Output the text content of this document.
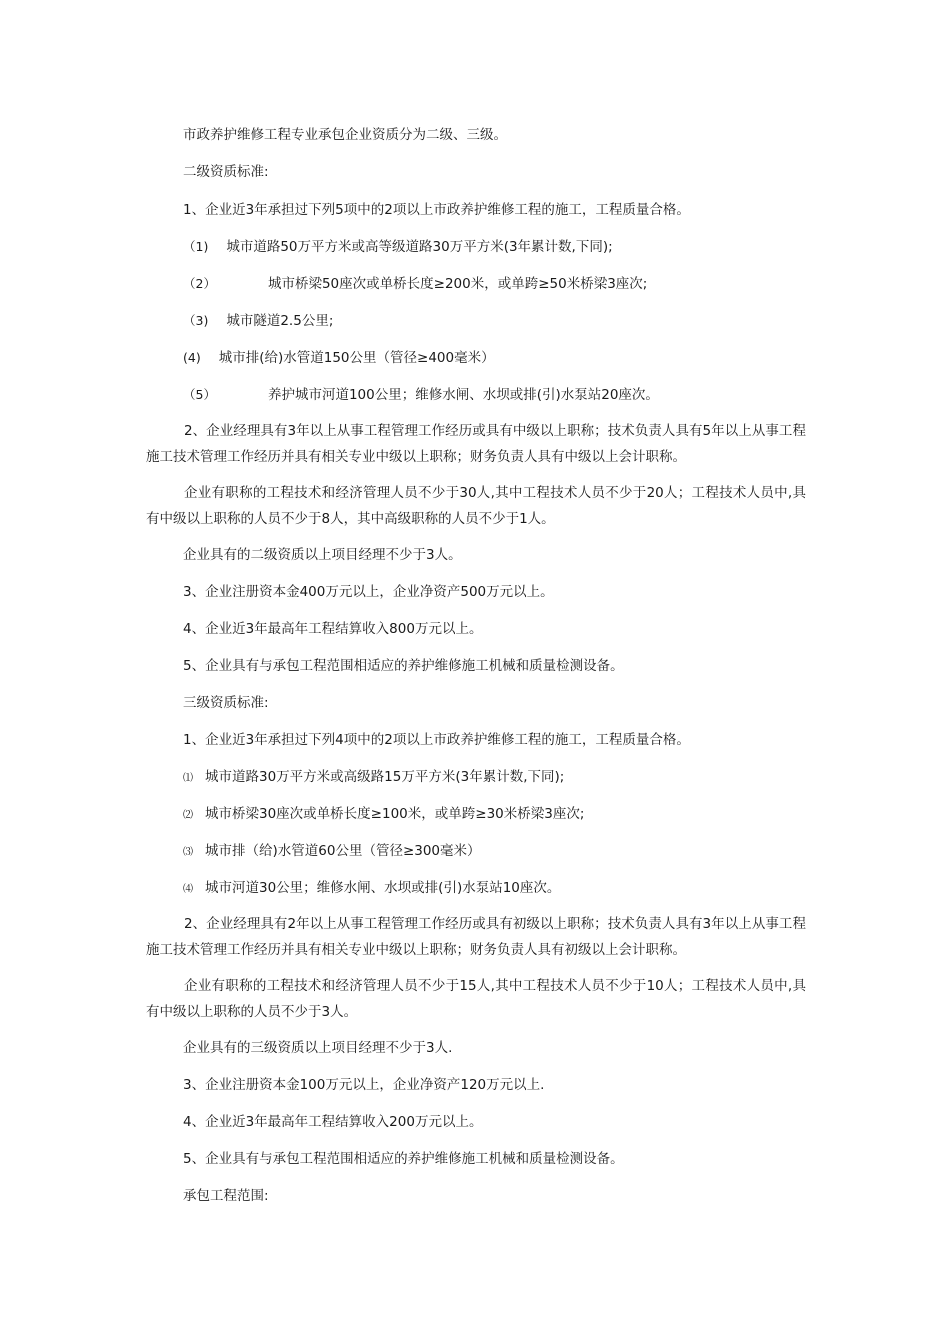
市政养护维修工程专业承包企业资质分为二级、三级。
二级资质标准:
1、企业近3年承担过下列5项中的2项以上市政养护维修工程的施工，工程质量合格。
（1) 城市道路50万平方米或高等级道路30万平方米(3年累计数,下同);
（2）	城市桥梁50座次或单桥长度≥200米，或单跨≥50米桥梁3座次;
（3) 城市隧道2.5公里;
(4) 城市排(给)水管道150公里（管径≥400毫米）
（5）	养护城市河道100公里；维修水闸、水坝或排(引)水泵站20座次。
2、企业经理具有3年以上从事工程管理工作经历或具有中级以上职称；技术负责人具有5年以上从事工程施工技术管理工作经历并具有相关专业中级以上职称；财务负责人具有中级以上会计职称。
企业有职称的工程技术和经济管理人员不少于30人,其中工程技术人员不少于20人；工程技术人员中,具有中级以上职称的人员不少于8人，其中高级职称的人员不少于1人。
企业具有的二级资质以上项目经理不少于3人。
3、企业注册资本金400万元以上，企业净资产500万元以上。
4、企业近3年最高年工程结算收入800万元以上。
5、企业具有与承包工程范围相适应的养护维修施工机械和质量检测设备。
三级资质标准:
1、企业近3年承担过下列4项中的2项以上市政养护维修工程的施工，工程质量合格。
⑴ 城市道路30万平方米或高级路15万平方米(3年累计数,下同);
⑵ 城市桥梁30座次或单桥长度≥100米，或单跨≥30米桥梁3座次;
⑶ 城市排（给)水管道60公里（管径≥300毫米）
⑷ 城市河道30公里；维修水闸、水坝或排(引)水泵站10座次。
2、企业经理具有2年以上从事工程管理工作经历或具有初级以上职称；技术负责人具有3年以上从事工程施工技术管理工作经历并具有相关专业中级以上职称；财务负责人具有初级以上会计职称。
企业有职称的工程技术和经济管理人员不少于15人,其中工程技术人员不少于10人；工程技术人员中,具有中级以上职称的人员不少于3人。
企业具有的三级资质以上项目经理不少于3人.
3、企业注册资本金100万元以上，企业净资产120万元以上.
4、企业近3年最高年工程结算收入200万元以上。
5、企业具有与承包工程范围相适应的养护维修施工机械和质量检测设备。
承包工程范围:
